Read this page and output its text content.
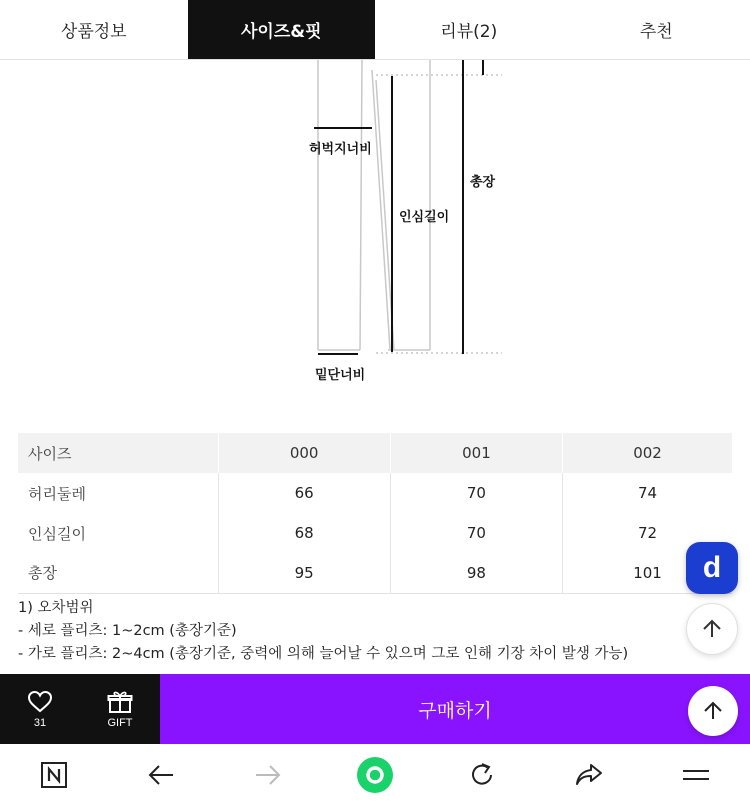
상품정보	사이즈&핏	리뷰(2)	추천
허벅지너비
인심길이
총장
밑단너비
사이즈	000	001	002
허리둘레	66	70	74
인심길이	68	70	72
총장	95	98	101
1) 오차범위
- 세로 플리츠: 1~2cm (총장기준)
- 가로 플리츠: 2~4cm (총장기준, 중력에 의해 늘어날 수 있으며 그로 인해 기장 차이 발생 가능)
d
31	GIFT
구매하기
